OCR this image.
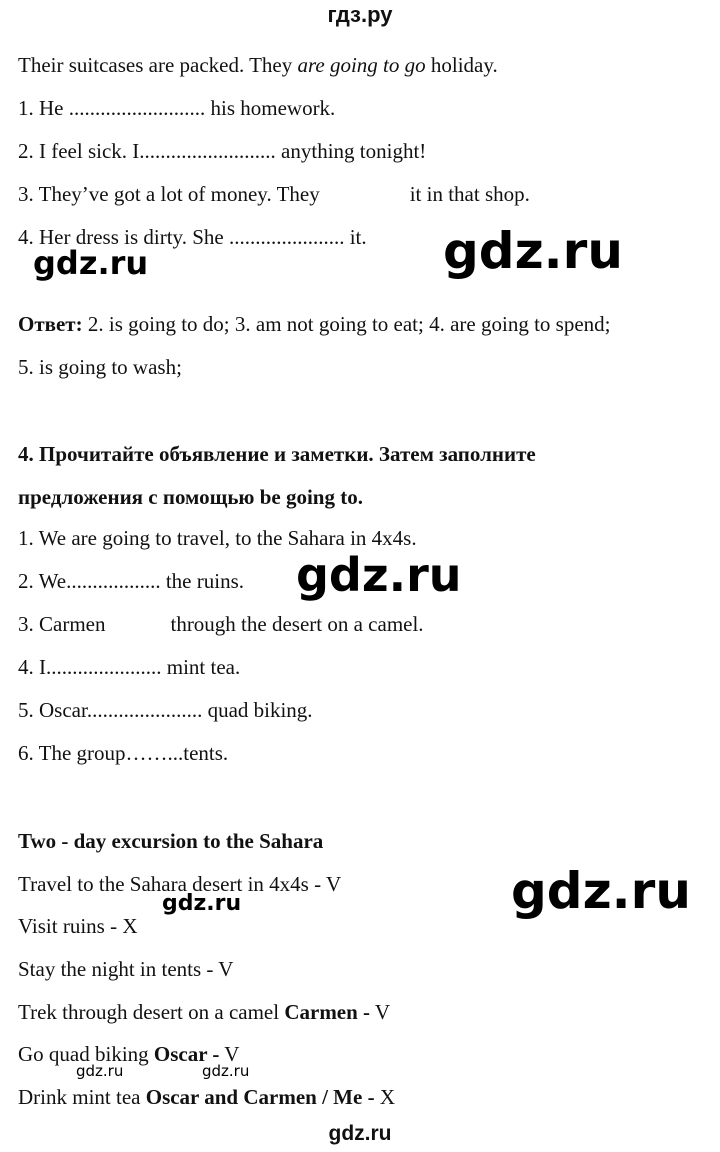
гдз.ру
Their suitcases are packed. They are going to go holiday.
1. He .......................... his homework.
2. I feel sick. I.......................... anything tonight!
3. They’ve got a lot of money. They	it in that shop.
4. Her dress is dirty. She ...................... it.
Ответ: 2. is going to do; 3. am not going to eat; 4. are going to spend;
5. is going to wash;
4. Прочитайте объявление и заметки. Затем заполните
предложения с помощью be going to.
1. We are going to travel, to the Sahara in 4x4s.
2. We.................. the ruins.
3. Carmen	through the desert on a camel.
4. I...................... mint tea.
5. Oscar...................... quad biking.
6. The group……...tents.
Two - day excursion to the Sahara
Travel to the Sahara desert in 4x4s - V
Visit ruins - X
Stay the night in tents - V
Trek through desert on a camel Carmen - V
Go quad biking Oscar - V
Drink mint tea Oscar and Carmen / Me - X
gdz.ru	gdz.ru
gdz.ru
gdz.ru
gdz.ru
gdz.ru	gdz.ru
gdz.ru
